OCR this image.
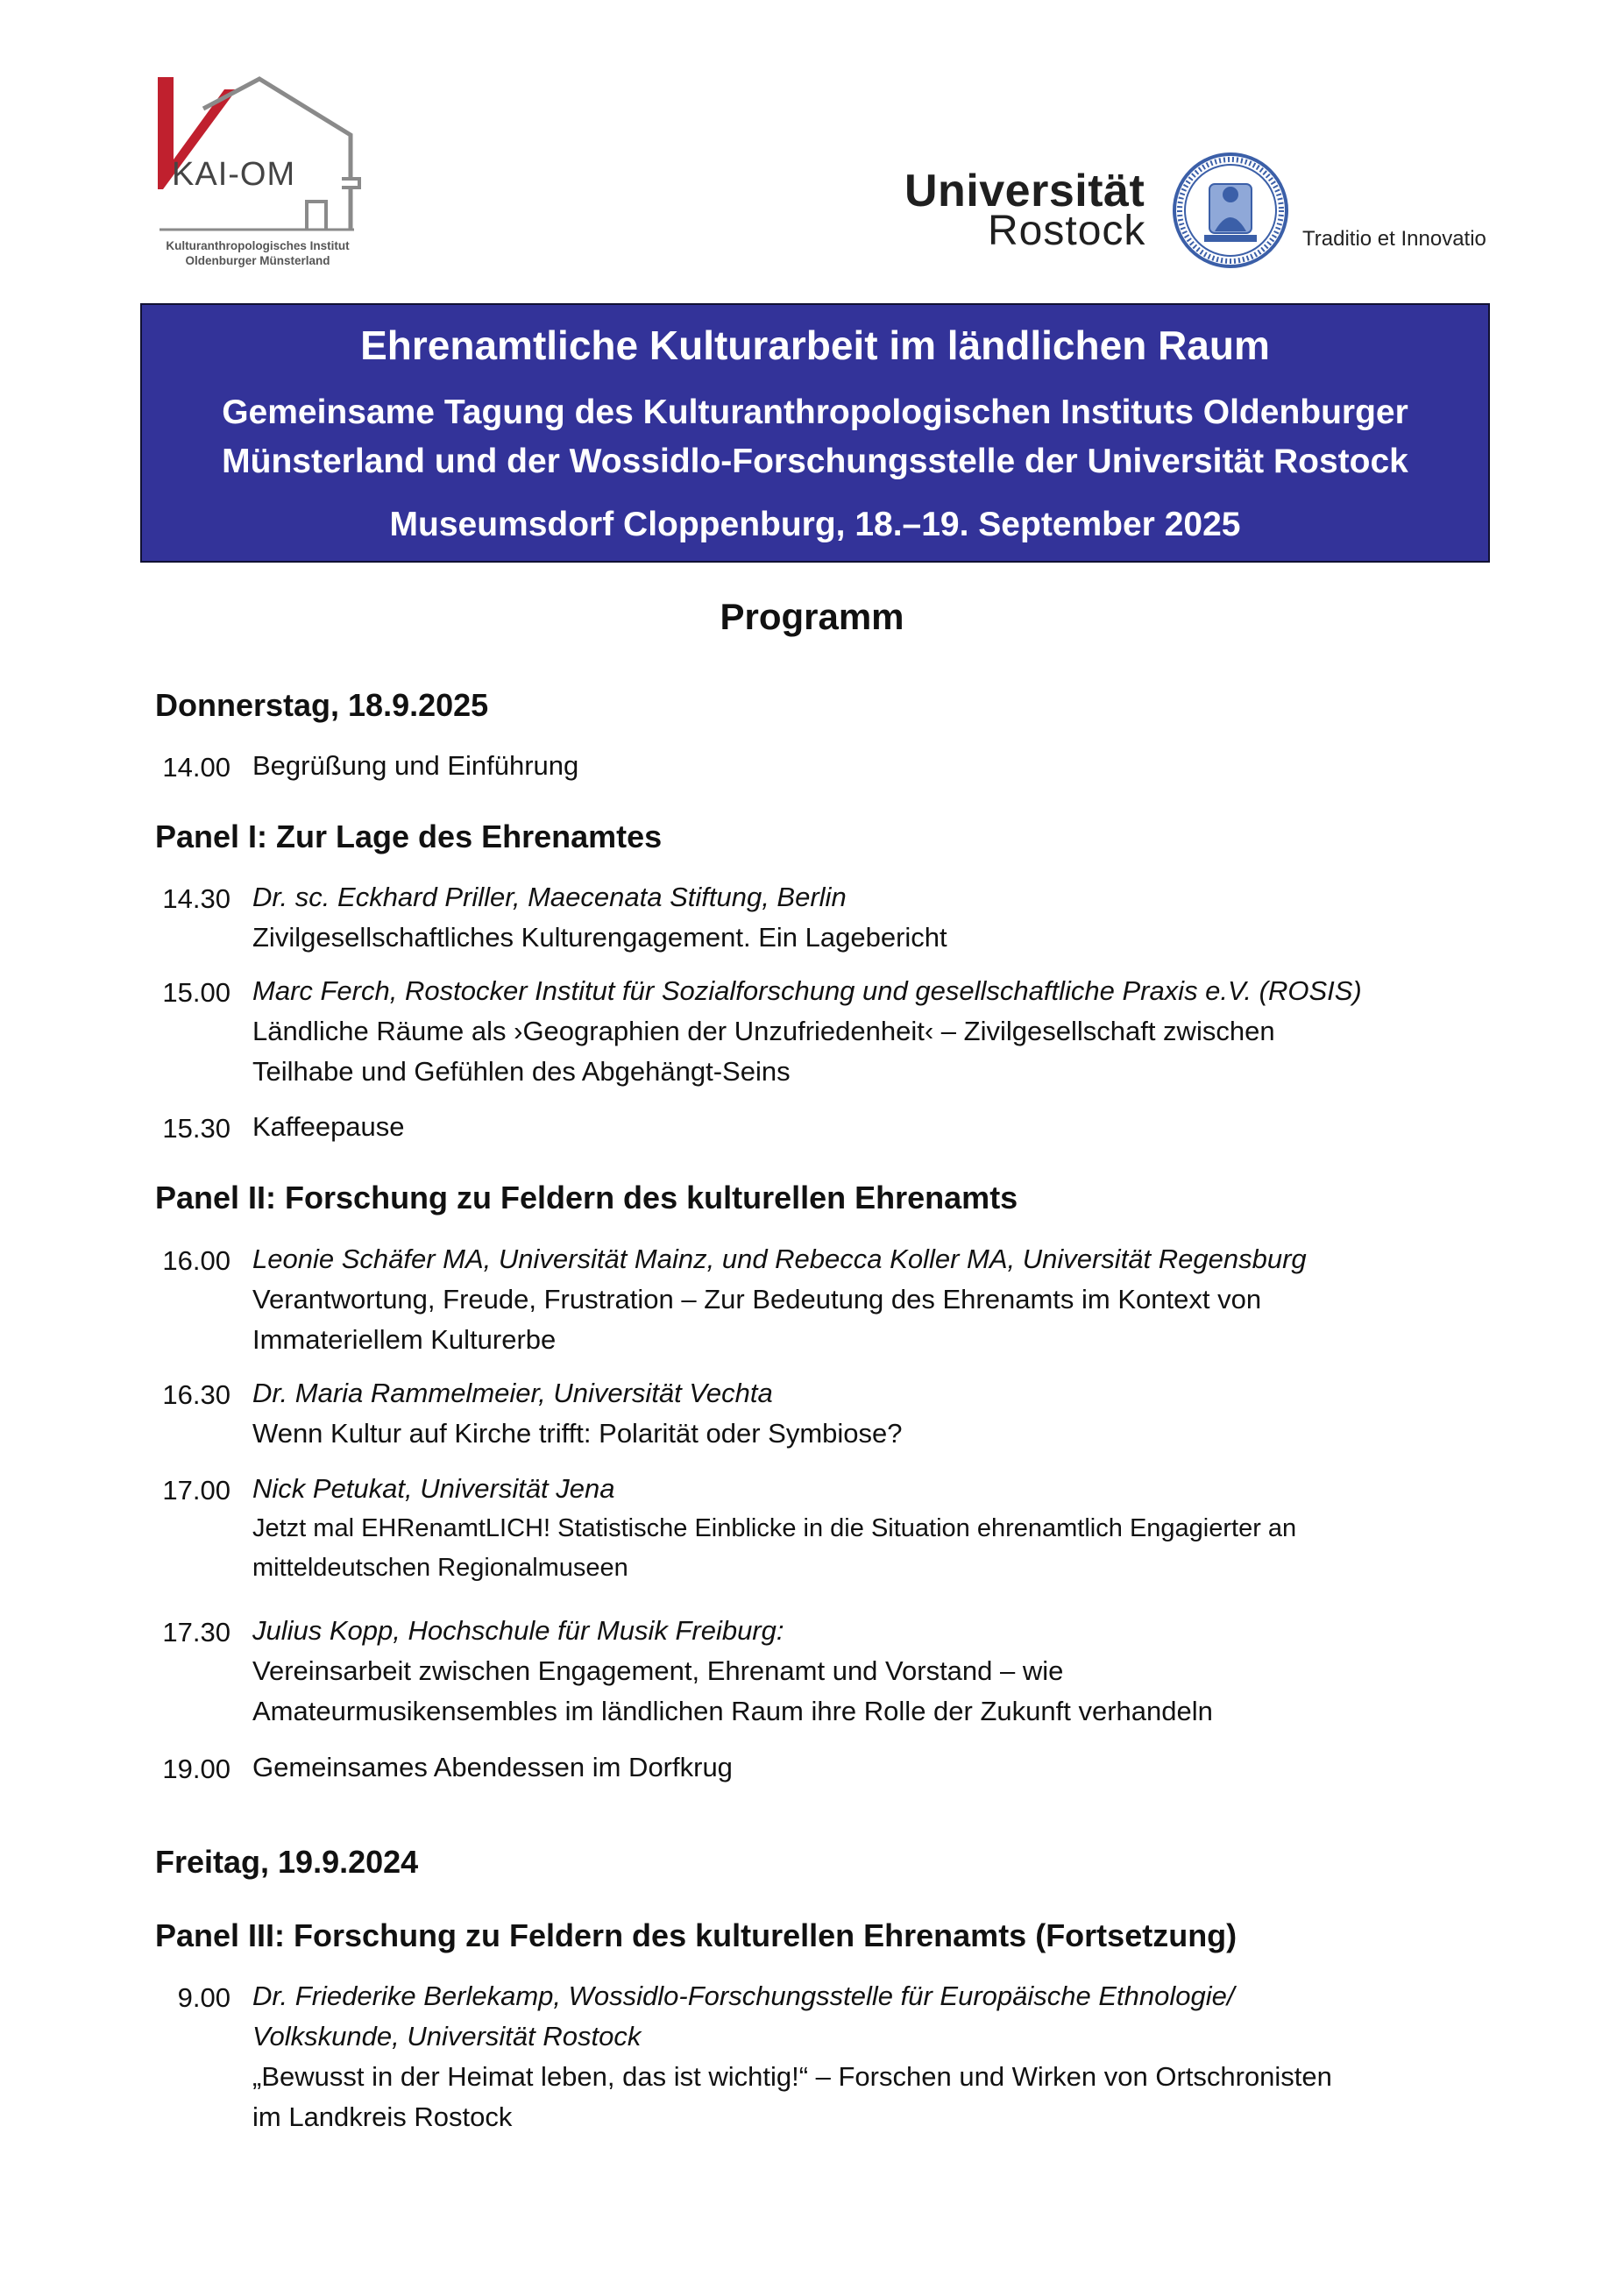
KAI-OM
Kulturanthropologisches Institut
Oldenburger Münsterland
Universität
Rostock	Traditio et Innovatio
Ehrenamtliche Kulturarbeit im ländlichen Raum
Gemeinsame Tagung des Kulturanthropologischen Instituts Oldenburger
Münsterland und der Wossidlo-Forschungsstelle der Universität Rostock
Museumsdorf Cloppenburg, 18.–19. September 2025
Programm
Donnerstag, 18.9.2025
14.00 Begrüßung und Einführung
Panel I: Zur Lage des Ehrenamtes
14.30 Dr. sc. Eckhard Priller, Maecenata Stiftung, Berlin
Zivilgesellschaftliches Kulturengagement. Ein Lagebericht
15.00 Marc Ferch, Rostocker Institut für Sozialforschung und gesellschaftliche Praxis e.V. (ROSIS)
Ländliche Räume als ›Geographien der Unzufriedenheit‹ – Zivilgesellschaft zwischen
Teilhabe und Gefühlen des Abgehängt-Seins
15.30 Kaffeepause
Panel II: Forschung zu Feldern des kulturellen Ehrenamts
16.00 Leonie Schäfer MA, Universität Mainz, und Rebecca Koller MA, Universität Regensburg
Verantwortung, Freude, Frustration – Zur Bedeutung des Ehrenamts im Kontext von
Immateriellem Kulturerbe
16.30 Dr. Maria Rammelmeier, Universität Vechta
Wenn Kultur auf Kirche trifft: Polarität oder Symbiose?
17.00 Nick Petukat, Universität Jena
Jetzt mal EHRenamtLICH! Statistische Einblicke in die Situation ehrenamtlich Engagierter an
mitteldeutschen Regionalmuseen
17.30 Julius Kopp, Hochschule für Musik Freiburg:
Vereinsarbeit zwischen Engagement, Ehrenamt und Vorstand – wie
Amateurmusikensembles im ländlichen Raum ihre Rolle der Zukunft verhandeln
19.00 Gemeinsames Abendessen im Dorfkrug
Freitag, 19.9.2024
Panel III: Forschung zu Feldern des kulturellen Ehrenamts (Fortsetzung)
9.00 Dr. Friederike Berlekamp, Wossidlo-Forschungsstelle für Europäische Ethnologie/
Volkskunde, Universität Rostock
„Bewusst in der Heimat leben, das ist wichtig!“ – Forschen und Wirken von Ortschronisten
im Landkreis Rostock
